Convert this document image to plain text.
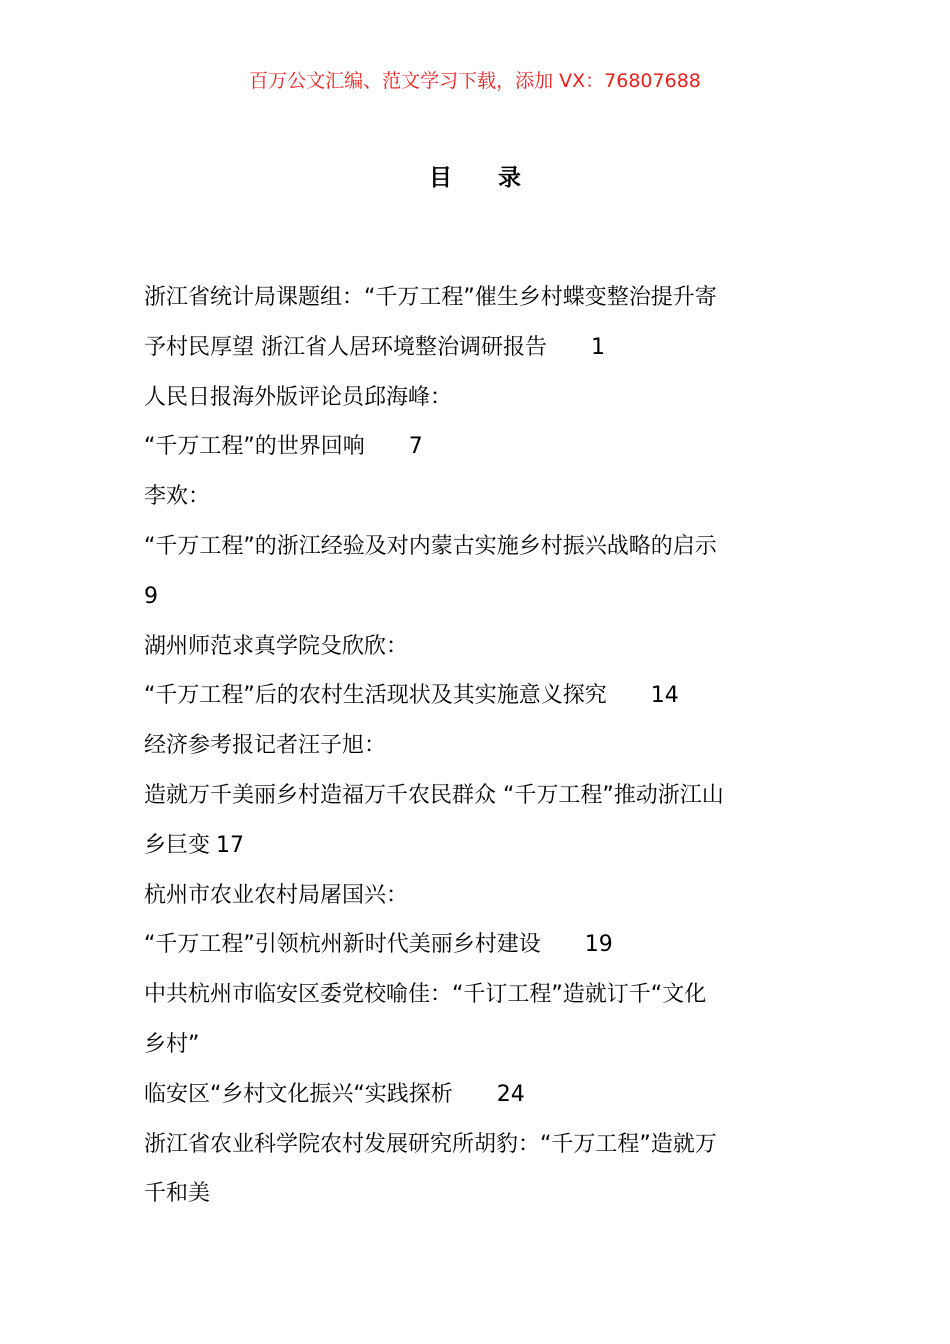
百万公文汇编、范文学习下载，添加 VX：76807688
目 录
浙江省统计局课题组：“千万工程”催生乡村蝶变整治提升寄
予村民厚望 浙江省人居环境整治调研报告 1
人民日报海外版评论员邱海峰：
“千万工程”的世界回响 7
李欢：
“千万工程”的浙江经验及对内蒙古实施乡村振兴战略的启示
9
湖州师范求真学院殳欣欣：
“千万工程”后的农村生活现状及其实施意义探究 14
经济参考报记者汪子旭：
造就万千美丽乡村造福万千农民群众 “千万工程”推动浙江山
乡巨变 17
杭州市农业农村局屠国兴：
“千万工程”引领杭州新时代美丽乡村建设 19
中共杭州市临安区委党校喻佳：“千订工程”造就订千“文化
乡村”
临安区“乡村文化振兴“实践探析 24
浙江省农业科学院农村发展研究所胡豹：“千万工程”造就万
千和美
